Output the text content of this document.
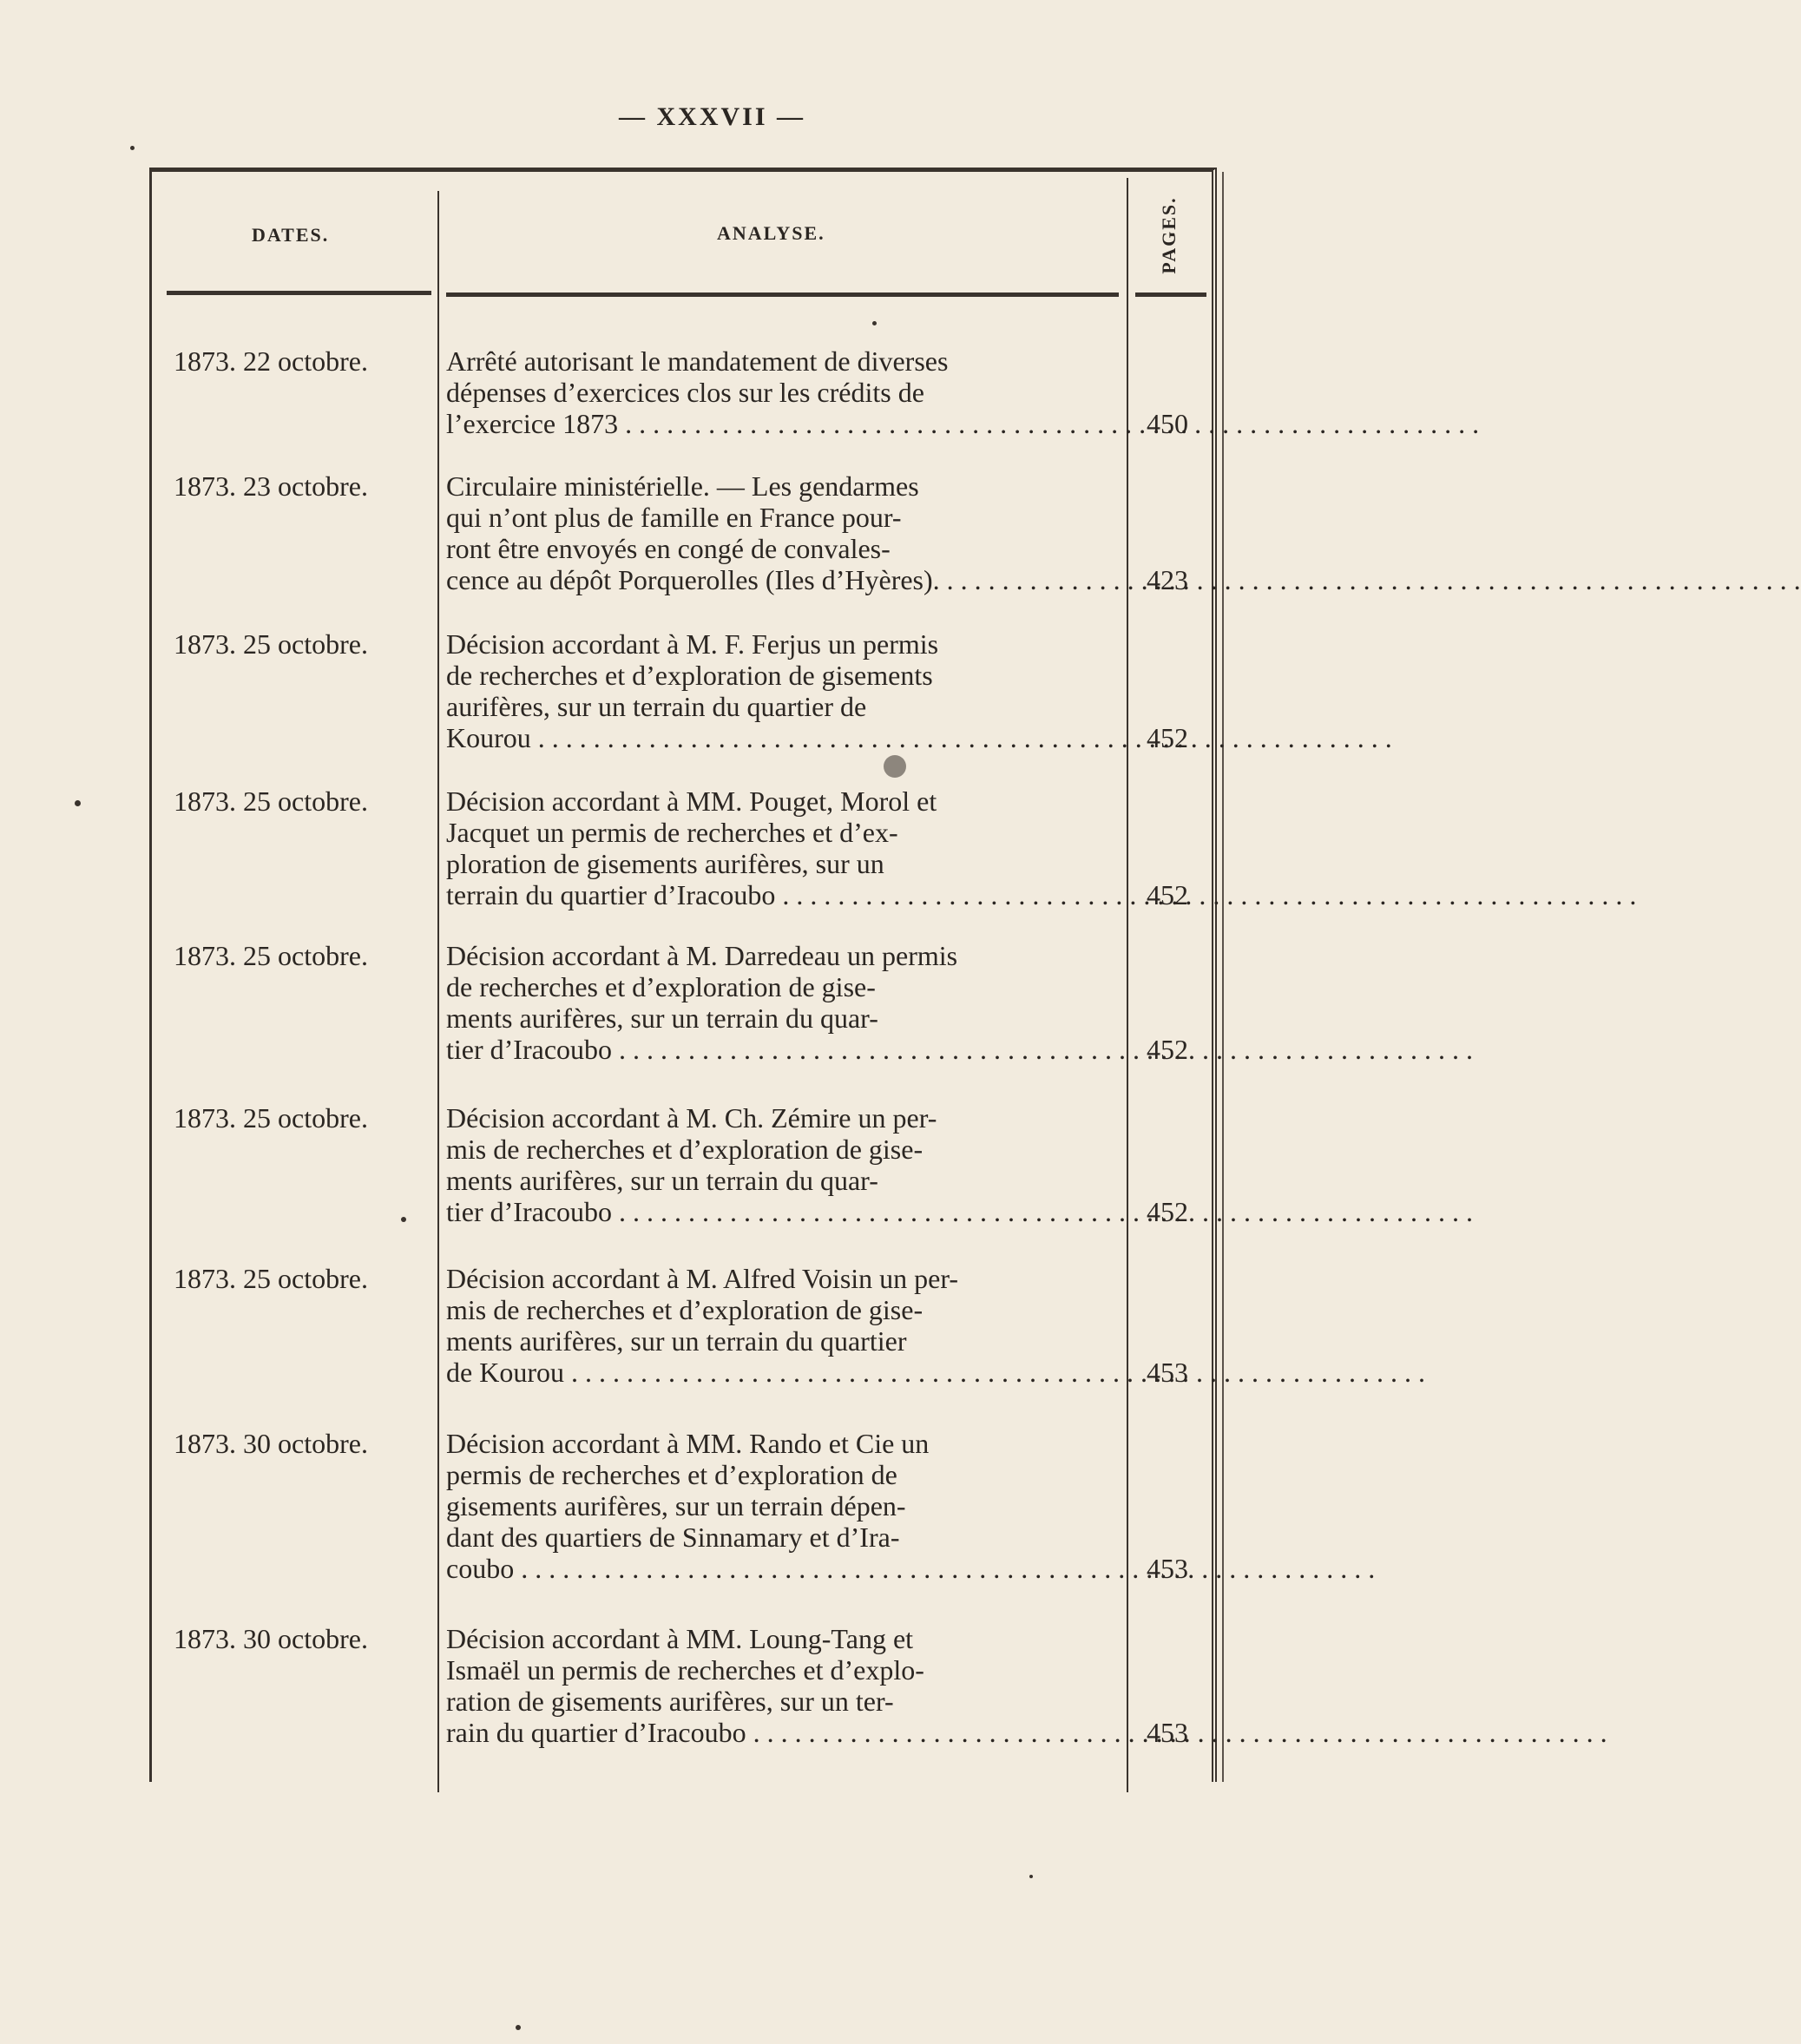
— XXXVII —
DATES.	ANALYSE.	PAGES.
1873. 22 octobre.	Arrêté autorisant le mandatement de diverses
dépenses d’exercices clos sur les crédits de
l’exercice 1873 . . .	450
1873. 23 octobre.	Circulaire ministérielle. — Les gendarmes
qui n’ont plus de famille en France pour-
ront être envoyés en congé de convales-
cence au dépôt Porquerolles (Iles d’Hyères). . . .	423
1873. 25 octobre.	Décision accordant à M. F. Ferjus un permis
de recherches et d’exploration de gisements
aurifères, sur un terrain du quartier de
Kourou . . .	452
1873. 25 octobre.	Décision accordant à MM. Pouget, Morol et
Jacquet un permis de recherches et d’ex-
ploration de gisements aurifères, sur un
terrain du quartier d’Iracoubo . . .	452
1873. 25 octobre.	Décision accordant à M. Darredeau un permis
de recherches et d’exploration de gise-
ments aurifères, sur un terrain du quar-
tier d’Iracoubo . . .	452
1873. 25 octobre.	Décision accordant à M. Ch. Zémire un per-
mis de recherches et d’exploration de gise-
ments aurifères, sur un terrain du quar-
tier d’Iracoubo . . .	452
1873. 25 octobre.	Décision accordant à M. Alfred Voisin un per-
mis de recherches et d’exploration de gise-
ments aurifères, sur un terrain du quartier
de Kourou . . .	453
1873. 30 octobre.	Décision accordant à MM. Rando et Cie un
permis de recherches et d’exploration de
gisements aurifères, sur un terrain dépen-
dant des quartiers de Sinnamary et d’Ira-
coubo . . .	453
1873. 30 octobre.	Décision accordant à MM. Loung-Tang et
Ismaël un permis de recherches et d’explo-
ration de gisements aurifères, sur un ter-
rain du quartier d’Iracoubo . . .	453
